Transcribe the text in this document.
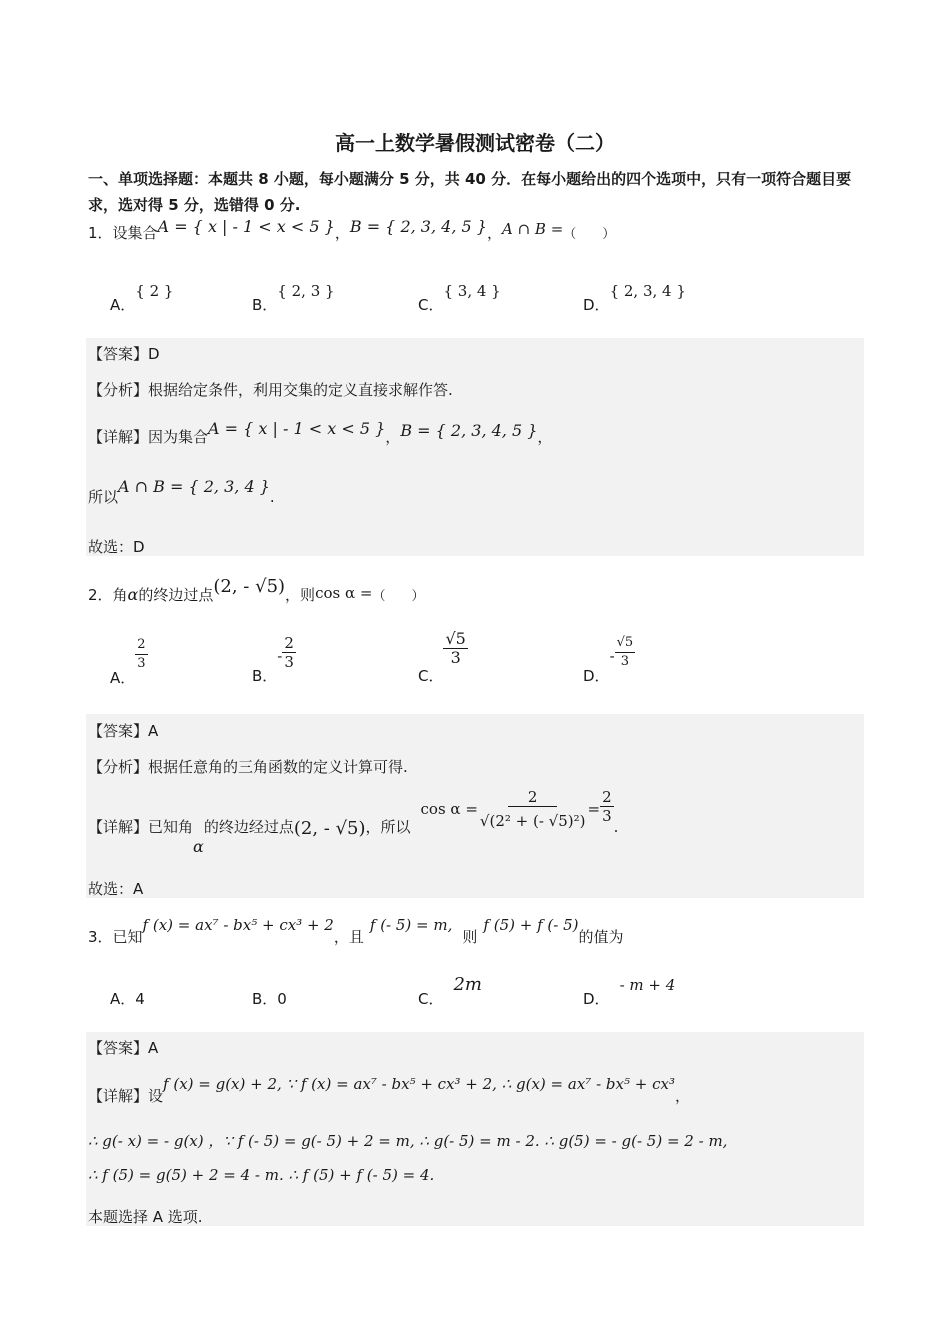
高一上数学暑假测试密卷（二）
一、单项选择题：本题共 8 小题，每小题满分 5 分，共 40 分．在每小题给出的四个选项中，只有一项符合题目要求，选对得 5 分，选错得 0 分.
1．设集合A = { x | - 1 < x < 5 }，B = { 2, 3, 4, 5 }，A ∩ B =（　　）
A．{ 2 }
B．{ 2, 3 }
C．{ 3, 4 }
D．{ 2, 3, 4 }
【答案】D
【分析】根据给定条件，利用交集的定义直接求解作答.
【详解】因为集合A = { x | - 1 < x < 5 }，B = { 2, 3, 4, 5 }，
所以A ∩ B = { 2, 3, 4 }.
故选：D
2．角α的终边过点(2, - √5)，则cos α =（　　）
A．
$\frac{2}{3}$
B．- $\frac{2}{3}$
C．
$\frac{√5}{3}$
D．- $\frac{√5}{3}$
【答案】A
【分析】根据任意角的三角函数的定义计算可得.
【详解】已知角α的终边经过点(2, - √5)，所以$\cos \alpha = \frac{2}{\text{√(2² + (- √5)²)}} = \frac{2}{3}$
.
故选：A
3．已知f (x) = ax⁷ - bx⁵ + cx³ + 2，且f (- 5) = m,则f (5) + f (- 5)的值为
A．4	B．0	C．2m
D．- m + 4
【答案】A
【详解】设f (x) = g(x) + 2, ∵ f (x) = ax⁷ - bx⁵ + cx³ + 2, ∴ g(x) = ax⁷ - bx⁵ + cx³，
∴ g(- x) = - g(x) ，∵ f (- 5) = g(- 5) + 2 = m, ∴ g(- 5) = m - 2. ∴ g(5) = - g(- 5) = 2 - m,
∴ f (5) = g(5) + 2 = 4 - m. ∴ f (5) + f (- 5) = 4.
本题选择 A 选项.
